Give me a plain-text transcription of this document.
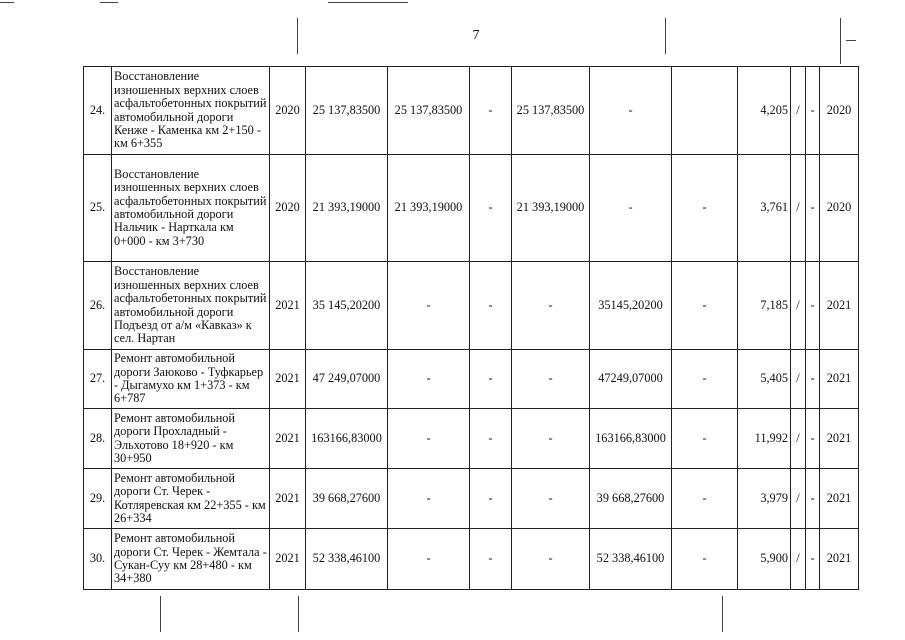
7
24.	Восстановление изношенных верхних слоев асфальтобетонных покрытий автомобильной дороги Кенже - Каменка км 2+150 - км 6+355	2020	25 137,83500	25 137,83500	-	25 137,83500	-		4,205	/	-	2020
25.	Восстановление изношенных верхних слоев асфальтобетонных покрытий автомобильной дороги Нальчик - Нарткала км 0+000 - км 3+730	2020	21 393,19000	21 393,19000	-	21 393,19000	-	-	3,761	/	-	2020
26.	Восстановление изношенных верхних слоев асфальтобетонных покрытий автомобильной дороги Подъезд от а/м «Кавказ» к сел. Нартан	2021	35 145,20200	-	-	-	35145,20200	-	7,185	/	-	2021
27.	Ремонт автомобильной дороги Заюково - Туфкарьер - Дыгамухо км 1+373 - км 6+787	2021	47 249,07000	-	-	-	47249,07000	-	5,405	/	-	2021
28.	Ремонт автомобильной дороги Прохладный - Эльхотово 18+920 - км 30+950	2021	163166,83000	-	-	-	163166,83000	-	11,992	/	-	2021
29.	Ремонт автомобильной дороги Ст. Черек - Котляревская км 22+355 - км 26+334	2021	39 668,27600	-	-	-	39 668,27600	-	3,979	/	-	2021
30.	Ремонт автомобильной дороги Ст. Черек - Жемтала - Сукан-Суу км 28+480 - км 34+380	2021	52 338,46100	-	-	-	52 338,46100	-	5,900	/	-	2021
